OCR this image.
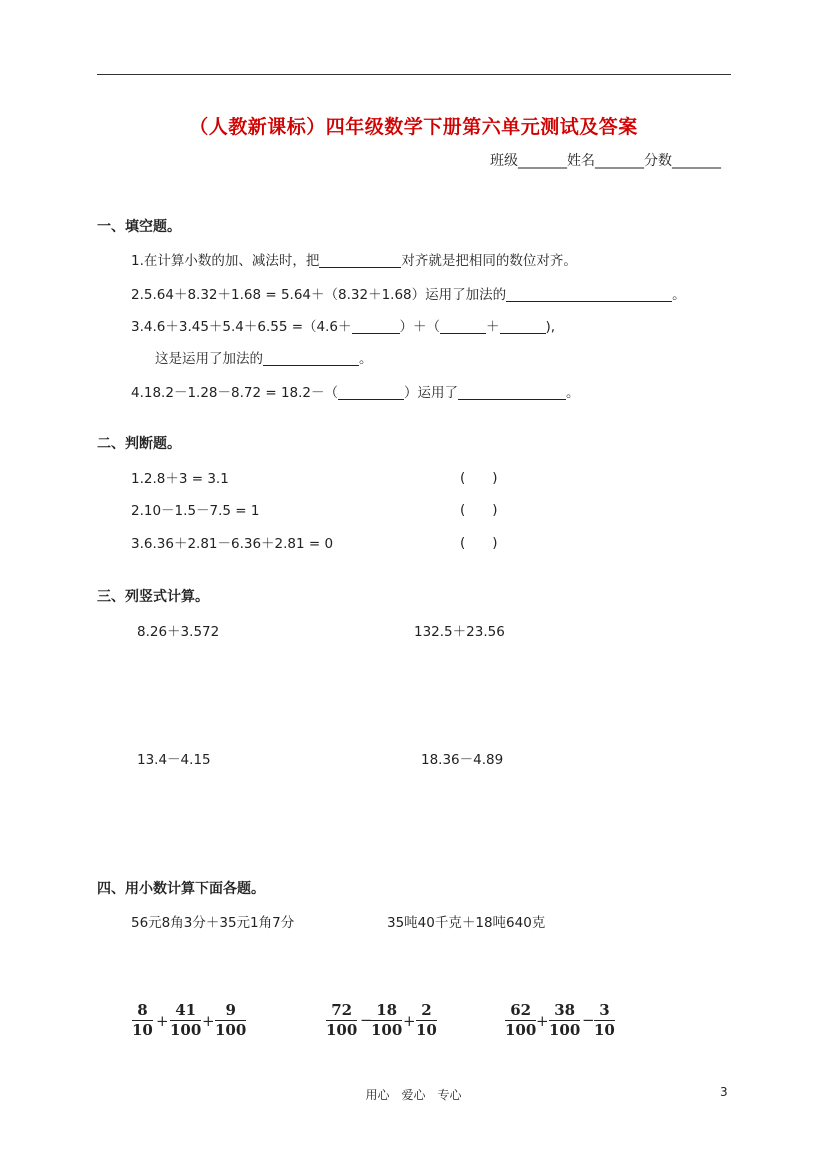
（人教新课标）四年级数学下册第六单元测试及答案
班级_______姓名_______分数_______
一、填空题。
1.在计算小数的加、减法时，把	对齐就是把相同的数位对齐。
2.5.64＋8.32＋1.68 = 5.64＋（8.32＋1.68）运用了加法的	。
3.4.6＋3.45＋5.4＋6.55 =（4.6＋	）＋（	＋	),
这是运用了加法的	。
4.18.2－1.28－8.72 = 18.2－（	）运用了	。
二、判断题。
1.2.8＋3 = 3.1	(　　)
2.10－1.5－7.5 = 1	(　　)
3.6.36＋2.81－6.36＋2.81 = 0	(　　)
三、列竖式计算。
8.26＋3.572	132.5＋23.56
13.4－4.15	18.36－4.89
四、用小数计算下面各题。
56元8角3分＋35元1角7分	35吨40千克＋18吨640克
8
10 +
41
100 +
9
100
72
100
−
18
100 +
2
10
62
100 +
38
100
−
3
10
用心　爱心　专心	3
